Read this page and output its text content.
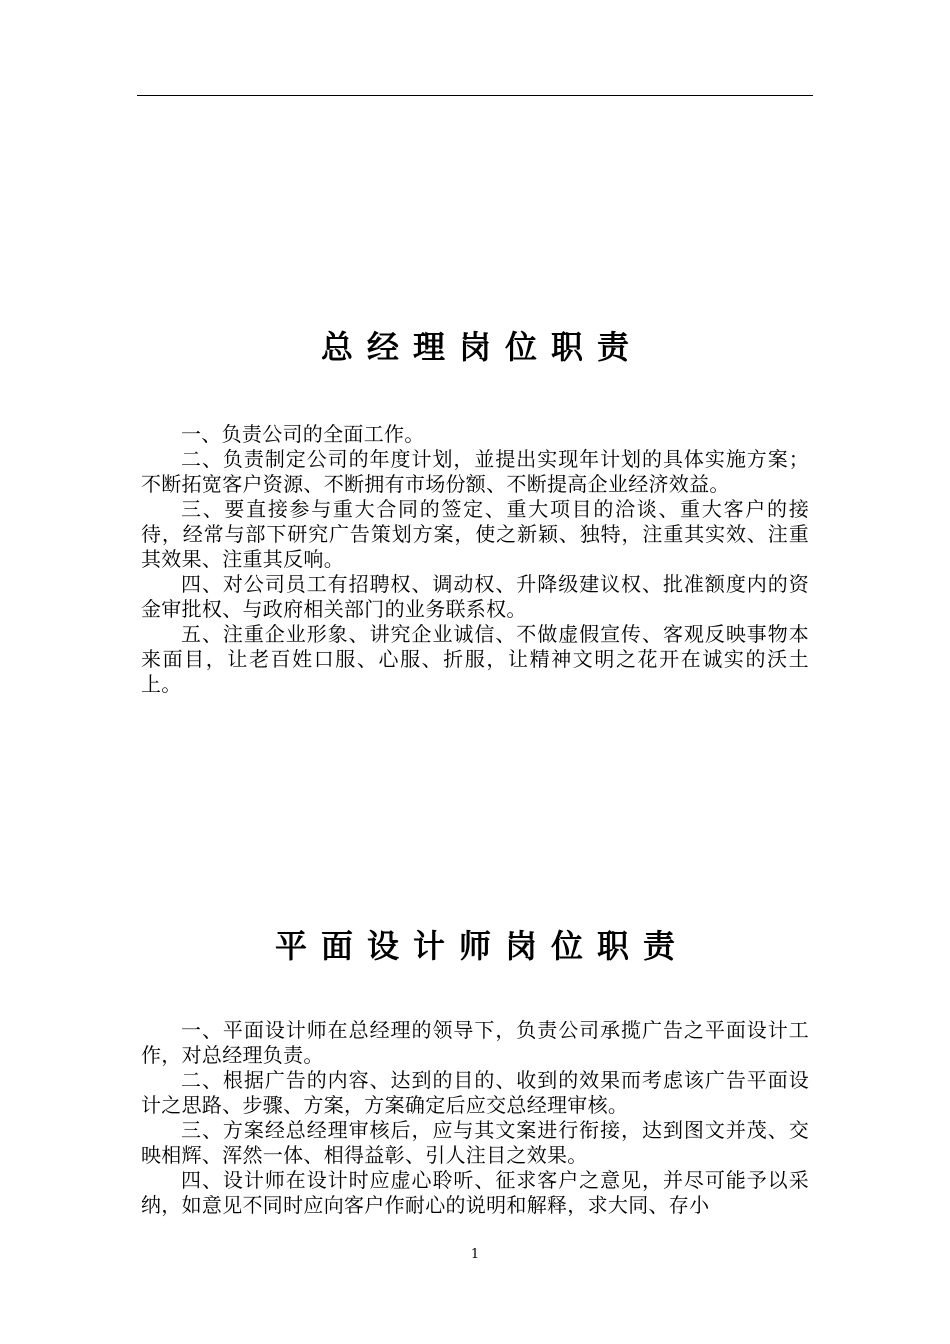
总经理岗位职责

一、负责公司的全面工作。

二、负责制定公司的年度计划，並提出实现年计划的具体实施方案；不断拓宽客户资源、不断拥有市场份额、不断提高企业经济效益。

三、要直接参与重大合同的签定、重大项目的洽谈、重大客户的接待，经常与部下研究广告策划方案，使之新颖、独特，注重其实效、注重其效果、注重其反响。

四、对公司员工有招聘权、调动权、升降级建议权、批准额度内的资金审批权、与政府相关部门的业务联系权。

五、注重企业形象、讲究企业诚信、不做虚假宣传、客观反映事物本来面目，让老百姓口服、心服、折服，让精神文明之花开在诚实的沃土上。

平面设计师岗位职责

一、平面设计师在总经理的领导下，负责公司承揽广告之平面设计工作，对总经理负责。

二、根据广告的内容、达到的目的、收到的效果而考虑该广告平面设计之思路、步骤、方案，方案确定后应交总经理审核。

三、方案经总经理审核后，应与其文案进行衔接，达到图文并茂、交映相辉、浑然一体、相得益彰、引人注目之效果。

四、设计师在设计时应虚心聆听、征求客户之意见，并尽可能予以采纳，如意见不同时应向客户作耐心的说明和解释，求大同、存小

1
